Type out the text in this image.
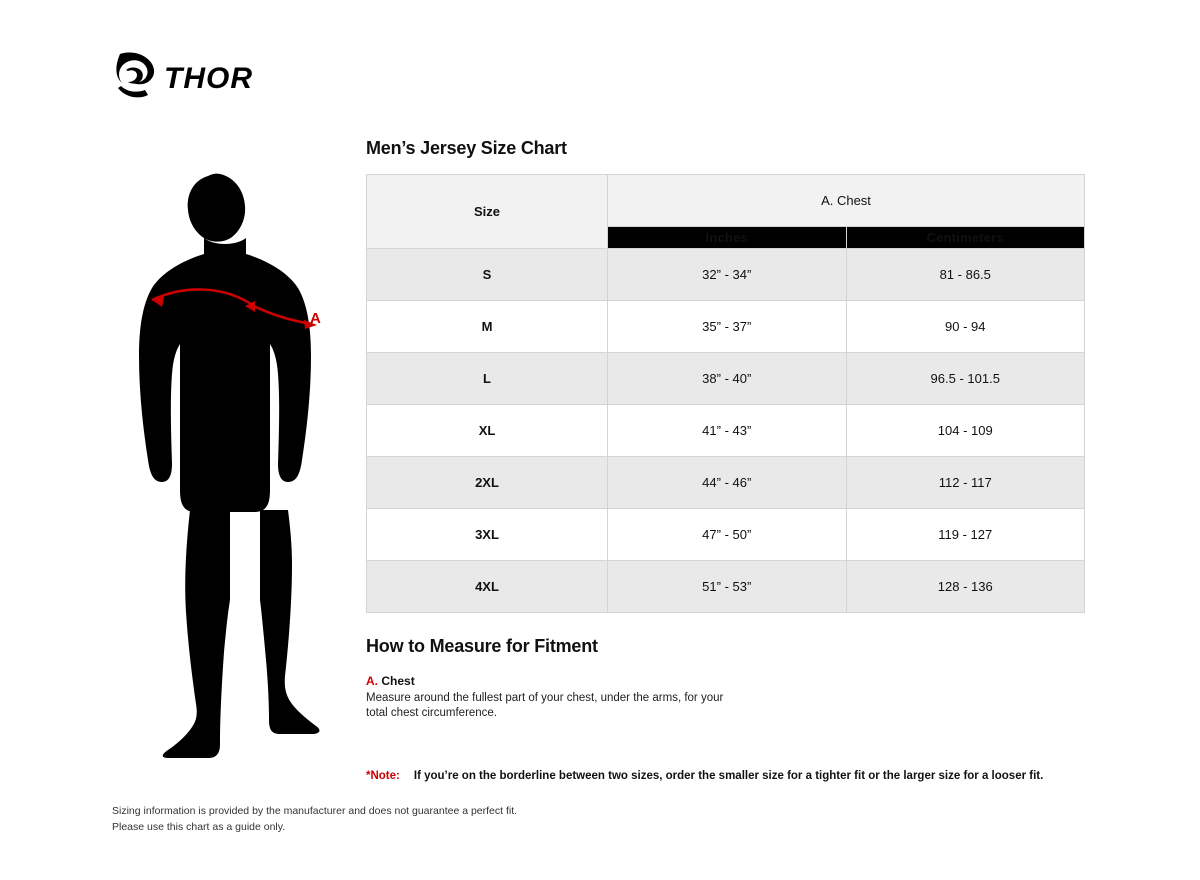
THOR
A
Men’s Jersey Size Chart
Size	A. Chest	
	Inches	Centimeters
S	32” - 34”	81 - 86.5
M	35” - 37”	90 - 94
L	38” - 40”	96.5 - 101.5
XL	41” - 43”	104 - 109
2XL	44” - 46”	112 - 117
3XL	47” - 50”	119 - 127
4XL	51” - 53”	128 - 136
How to Measure for Fitment

A. Chest

Measure around the fullest part of your chest, under the arms, for your

total chest circumference.

*Note: If you’re on the borderline between two sizes, order the smaller size for a tighter fit or the larger size for a looser fit.
Sizing information is provided by the manufacturer and does not guarantee a perfect fit.
Please use this chart as a guide only.
